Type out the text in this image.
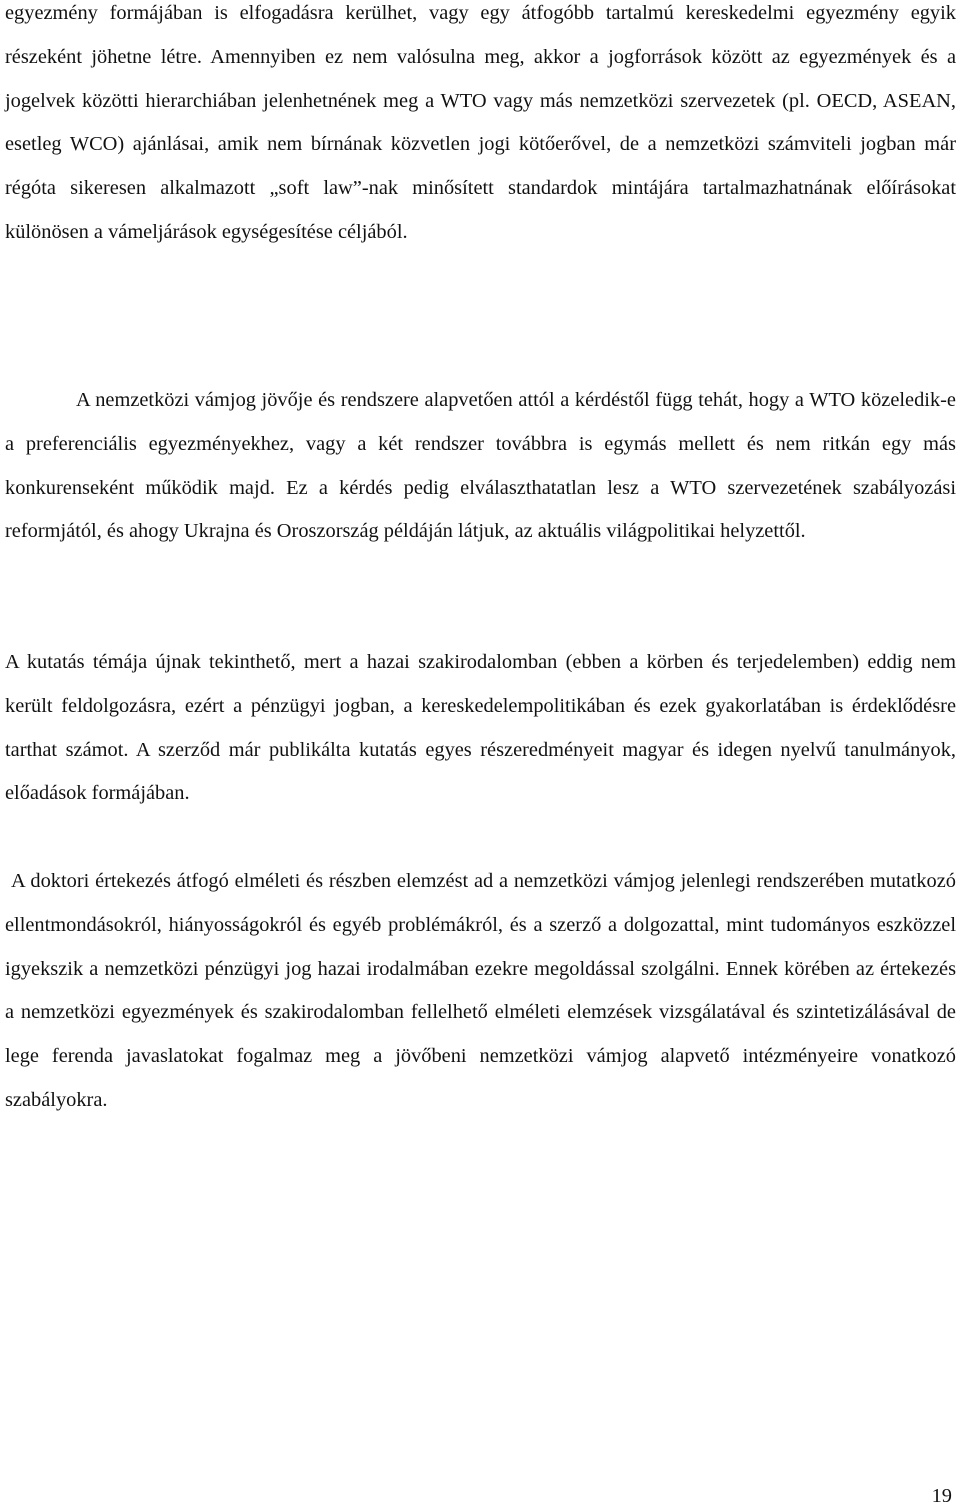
egyezmény formájában is elfogadásra kerülhet, vagy egy átfogóbb tartalmú kereskedelmi egyezmény egyik részeként jöhetne létre. Amennyiben ez nem valósulna meg, akkor a jogforrások között az egyezmények és a jogelvek közötti hierarchiában jelenhetnének meg a WTO vagy más nemzetközi szervezetek (pl. OECD, ASEAN, esetleg WCO) ajánlásai, amik nem bírnának közvetlen jogi kötőerővel, de a nemzetközi számviteli jogban már régóta sikeresen alkalmazott „soft law”-nak minősített standardok mintájára tartalmazhatnának előírásokat különösen a vámeljárások egységesítése céljából.

A nemzetközi vámjog jövője és rendszere alapvetően attól a kérdéstől függ tehát, hogy a WTO közeledik-e a preferenciális egyezményekhez, vagy a két rendszer továbbra is egymás mellett és nem ritkán egy más konkurenseként működik majd. Ez a kérdés pedig elválaszthatatlan lesz a WTO szervezetének szabályozási reformjától, és ahogy Ukrajna és Oroszország példáján látjuk, az aktuális világpolitikai helyzettől.

A kutatás témája újnak tekinthető, mert a hazai szakirodalomban (ebben a körben és terjedelemben) eddig nem került feldolgozásra, ezért a pénzügyi jogban, a kereskedelempolitikában és ezek gyakorlatában is érdeklődésre tarthat számot. A szerződ már publikálta kutatás egyes részeredményeit magyar és idegen nyelvű tanulmányok, előadások formájában.

A doktori értekezés átfogó elméleti és részben elemzést ad a nemzetközi vámjog jelenlegi rendszerében mutatkozó ellentmondásokról, hiányosságokról és egyéb problémákról, és a szerző a dolgozattal, mint tudományos eszközzel igyekszik a nemzetközi pénzügyi jog hazai irodalmában ezekre megoldással szolgálni. Ennek körében az értekezés a nemzetközi egyezmények és szakirodalomban fellelhető elméleti elemzések vizsgálatával és szintetizálásával de lege ferenda javaslatokat fogalmaz meg a jövőbeni nemzetközi vámjog alapvető intézményeire vonatkozó szabályokra.

19
